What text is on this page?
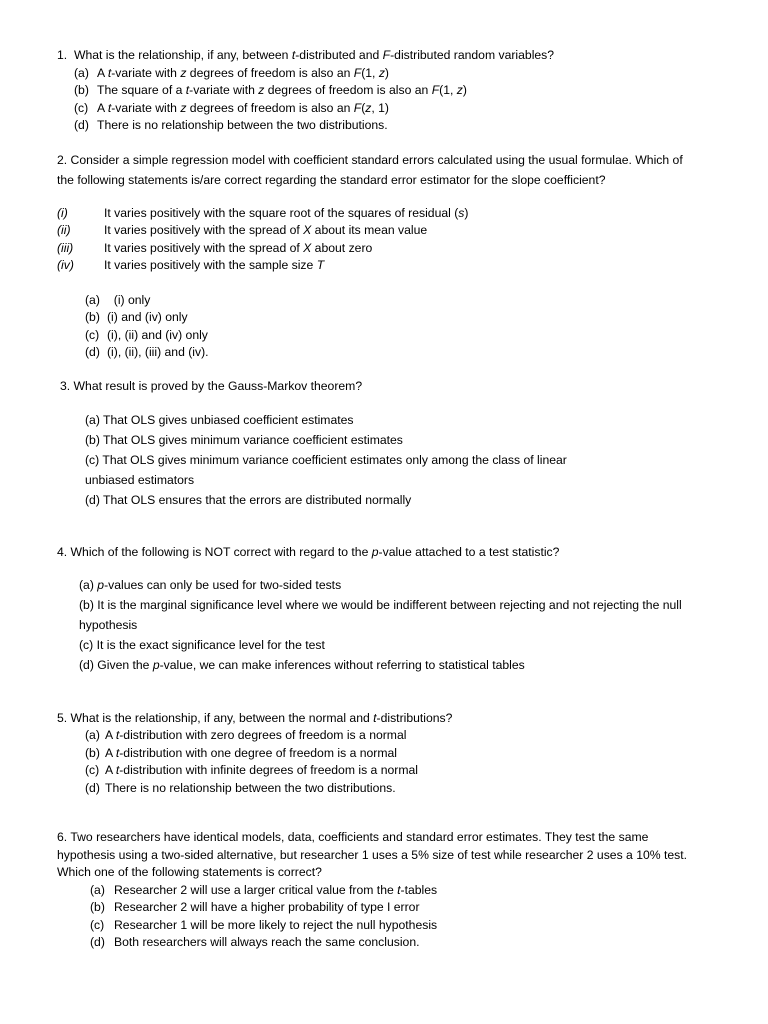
1.  What is the relationship, if any, between t-distributed and F-distributed random variables?
(a) A t-variate with z degrees of freedom is also an F(1, z)
(b) The square of a t-variate with z degrees of freedom is also an F(1, z)
(c) A t-variate with z degrees of freedom is also an F(z, 1)
(d) There is no relationship between the two distributions.
2. Consider a simple regression model with coefficient standard errors calculated using the usual formulae. Which of
the following statements is/are correct regarding the standard error estimator for the slope coefficient?
(i)	It varies positively with the square root of the squares of residual (s)
(ii)	It varies positively with the spread of X about its mean value
(iii)	It varies positively with the spread of X about zero
(iv) It varies positively with the sample size T
(a)  (i) only
(b) (i) and (iv) only
(c) (i), (ii) and (iv) only
(d) (i), (ii), (iii) and (iv).
3. What result is proved by the Gauss-Markov theorem?
(a) That OLS gives unbiased coefficient estimates
(b) That OLS gives minimum variance coefficient estimates
(c) That OLS gives minimum variance coefficient estimates only among the class of linear
unbiased estimators
(d) That OLS ensures that the errors are distributed normally
4. Which of the following is NOT correct with regard to the p-value attached to a test statistic?
(a) p-values can only be used for two-sided tests
(b) It is the marginal significance level where we would be indifferent between rejecting and not rejecting the null
hypothesis
(c) It is the exact significance level for the test
(d) Given the p-value, we can make inferences without referring to statistical tables
5. What is the relationship, if any, between the normal and t-distributions?
(a) A t-distribution with zero degrees of freedom is a normal
(b) A t-distribution with one degree of freedom is a normal
(c) A t-distribution with infinite degrees of freedom is a normal
(d) There is no relationship between the two distributions.
6. Two researchers have identical models, data, coefficients and standard error estimates. They test the same
hypothesis using a two-sided alternative, but researcher 1 uses a 5% size of test while researcher 2 uses a 10% test.
Which one of the following statements is correct?
(a) Researcher 2 will use a larger critical value from the t-tables
(b) Researcher 2 will have a higher probability of type I error
(c) Researcher 1 will be more likely to reject the null hypothesis
(d) Both researchers will always reach the same conclusion.
